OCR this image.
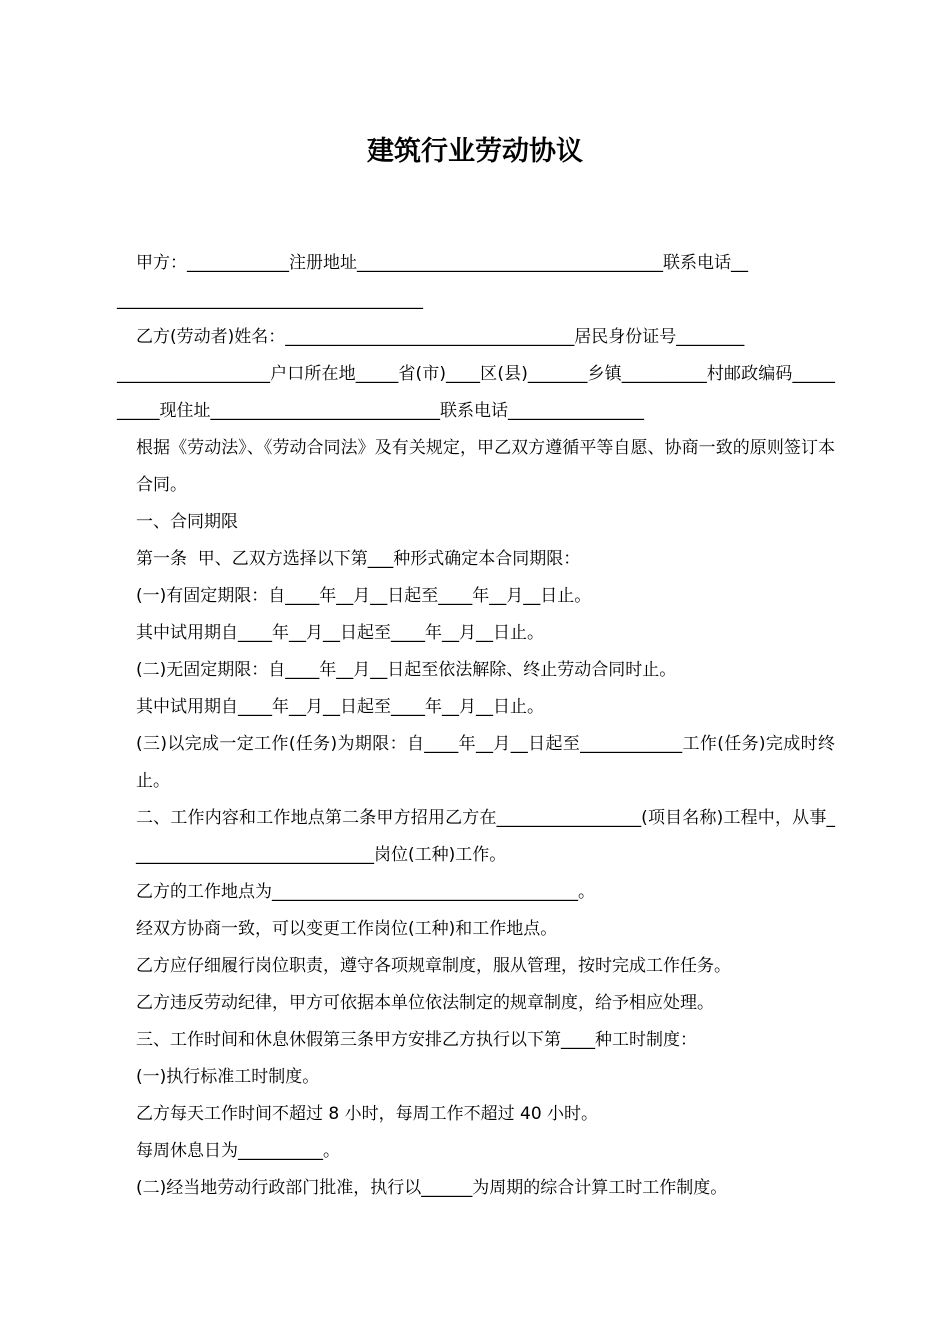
建筑行业劳动协议

甲方：____________注册地址____________________________________联系电话__

____________________________________

乙方(劳动者)姓名：__________________________________居民身份证号________

__________________户口所在地_____省(市)____区(县)_______乡镇__________村邮政编码__________现住址___________________________联系电话________________

根据《劳动法》、《劳动合同法》及有关规定，甲乙双方遵循平等自愿、协商一致的原则签订本合同。

一、合同期限

第一条  甲、乙双方选择以下第___种形式确定本合同期限：

(一)有固定期限：自____年__月__日起至____年__月__日止。

其中试用期自____年__月__日起至____年__月__日止。

(二)无固定期限：自____年__月__日起至依法解除、终止劳动合同时止。

其中试用期自____年__月__日起至____年__月__日止。

(三)以完成一定工作(任务)为期限：自____年__月__日起至____________工作(任务)完成时终止。

二、工作内容和工作地点第二条甲方招用乙方在_________________(项目名称)工程中，从事_____________________________岗位(工种)工作。

乙方的工作地点为____________________________________。

经双方协商一致，可以变更工作岗位(工种)和工作地点。

乙方应仔细履行岗位职责，遵守各项规章制度，服从管理，按时完成工作任务。

乙方违反劳动纪律，甲方可依据本单位依法制定的规章制度，给予相应处理。

三、工作时间和休息休假第三条甲方安排乙方执行以下第____种工时制度：

(一)执行标准工时制度。

乙方每天工作时间不超过 8 小时，每周工作不超过 40 小时。

每周休息日为__________。

(二)经当地劳动行政部门批准，执行以______为周期的综合计算工时工作制度。
